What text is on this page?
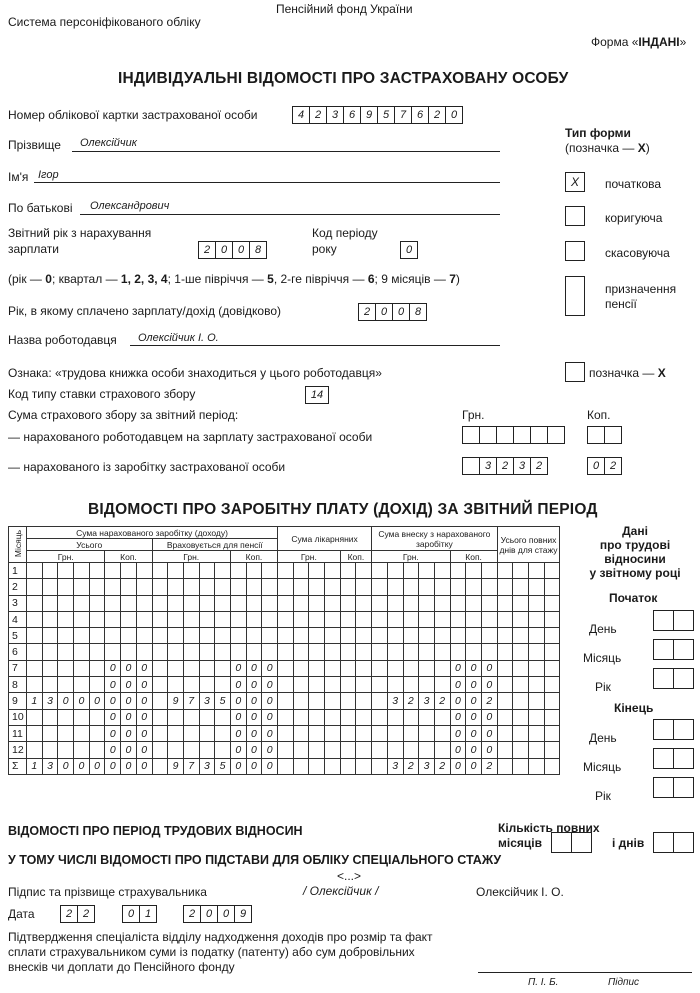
Пенсійний фонд України
Система персоніфікованого обліку
Форма «ІНДАНІ»
ІНДИВІДУАЛЬНІ ВІДОМОСТІ ПРО ЗАСТРАХОВАНУ ОСОБУ
Номер облікової картки застрахованої особи	4 2 3 6 9 5 7 6 2 0
Прізвище Олексійчик
Ім'я Ігор
По батькові Олександрович
Тип форми
(позначка — Х)
X	початкова
коригуюча
скасовуюча
призначення пенсії
Звітний рік з нарахування
зарплати	2 0 0 8
Код періоду
року	0
(рік — 0; квартал — 1, 2, 3, 4; 1-ше півріччя — 5, 2-ге півріччя — 6; 9 місяців — 7)
Рік, в якому сплачено зарплату/дохід (довідково)	2 0 0 8
Назва роботодавця Олексійчик І. О.
Ознака: «трудова книжка особи знаходиться у цього роботодавця»	позначка — Х
Код типу ставки страхового збору	14
Сума страхового збору за звітний період:	Грн.	Коп.
— нарахованого роботодавцем на зарплату застрахованої особи
— нарахованого із заробітку застрахованої особи	3 2 3 2	0 2
ВІДОМОСТІ ПРО ЗАРОБІТНУ ПЛАТУ (ДОХІД) ЗА ЗВІТНИЙ ПЕРІОД
Місяць	Сума нарахованого заробітку (доходу)																Сума лікарняних						Сума внеску з нарахованого заробітку								Усього повних днів для стажу			
	Усього								Враховується для пенсії																									
	Грн.					Коп.			Грн.					Коп.			Грн.				Коп.		Грн.					Коп.						
1																																		
2																																		
3																																		
4																																		
5																																		
6																																		
7						0	0	0						0	0	0												0	0	0				
8						0	0	0						0	0	0												0	0	0				
9	1	3	0	0	0	0	0	0		9	7	3	5	0	0	0								3	2	3	2	0	0	2				
10						0	0	0						0	0	0												0	0	0				
11						0	0	0						0	0	0												0	0	0				
12						0	0	0						0	0	0												0	0	0				
Σ	1	3	0	0	0	0	0	0		9	7	3	5	0	0	0								3	2	3	2	0	0	2				
Дані
про трудові
відносини
у звітному році
Початок
День
Місяць
Рік
Кінець
День
Місяць
Рік
ВІДОМОСТІ ПРО ПЕРІОД ТРУДОВИХ ВІДНОСИН	Кількість повних
місяців	і днів
У ТОМУ ЧИСЛІ ВІДОМОСТІ ПРО ПІДСТАВИ ДЛЯ ОБЛІКУ СПЕЦІАЛЬНОГО СТАЖУ
<...>
Підпис та прізвище страхувальника	/ Олексійчик /	Олексійчик І. О.
Дата	2 2	0 1	2 0 0 9
Підтвердження спеціаліста відділу надходження доходів про розмір та факт
сплати страхувальником суми із податку (патенту) або сум добровільних
внесків чи доплати до Пенсійного фонду
П. І. Б.	Підпис
